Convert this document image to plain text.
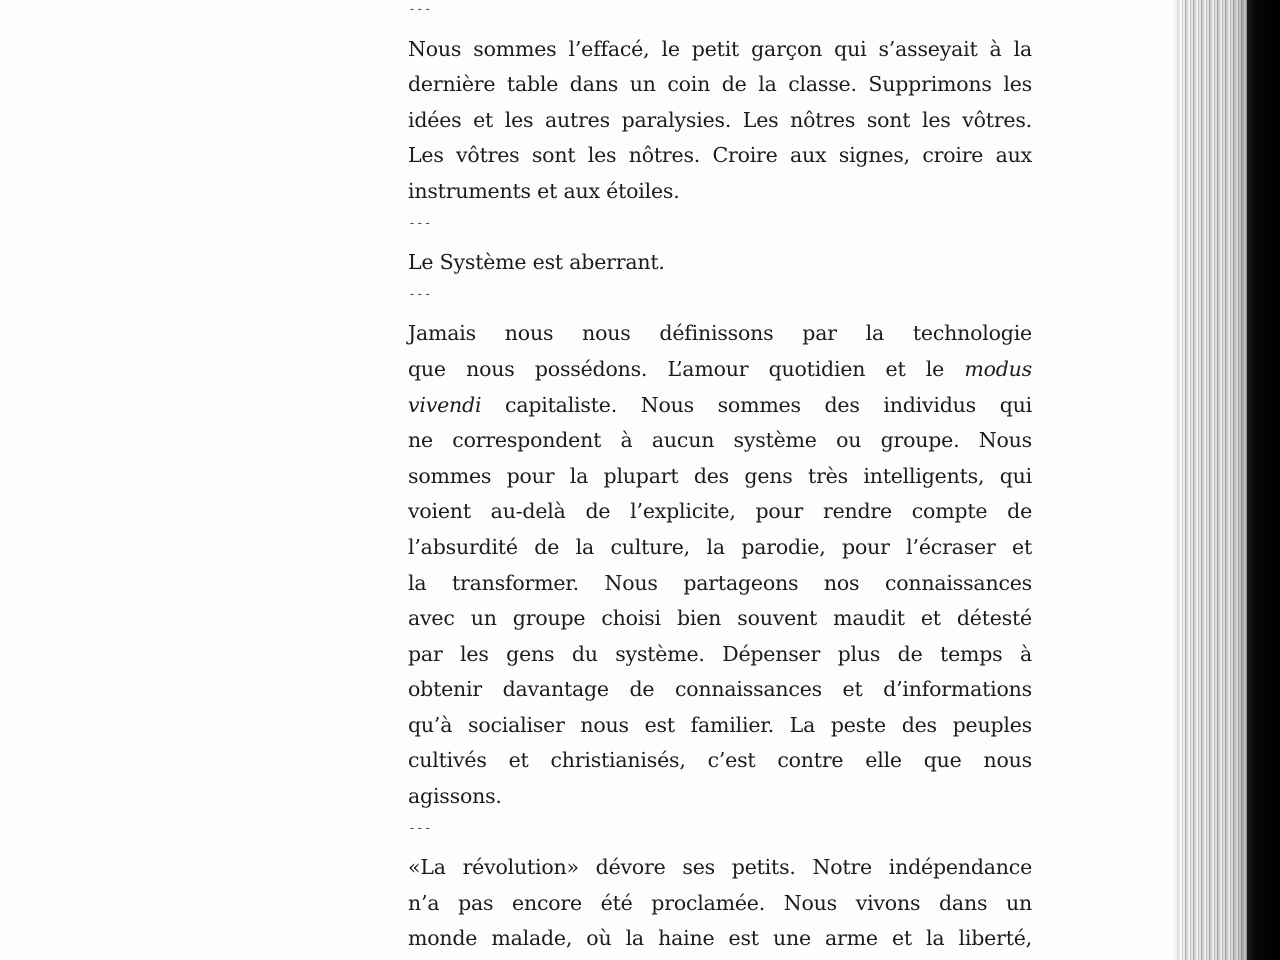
---
Nous sommes l’effacé, le petit garçon qui s’asseyait à la
dernière table dans un coin de la classe. Supprimons les
idées et les autres paralysies. Les nôtres sont les vôtres.
Les vôtres sont les nôtres. Croire aux signes, croire aux
instruments et aux étoiles.
---
Le Système est aberrant.
---
Jamais nous nous définissons par la technologie
que nous possédons. L’amour quotidien et le modus
vivendi capitaliste. Nous sommes des individus qui
ne correspondent à aucun système ou groupe. Nous
sommes pour la plupart des gens très intelligents, qui
voient au-delà de l’explicite, pour rendre compte de
l’absurdité de la culture, la parodie, pour l’écraser et
la transformer. Nous partageons nos connaissances
avec un groupe choisi bien souvent maudit et détesté
par les gens du système. Dépenser plus de temps à
obtenir davantage de connaissances et d’informations
qu’à socialiser nous est familier. La peste des peuples
cultivés et christianisés, c’est contre elle que nous
agissons.
---
«La révolution» dévore ses petits. Notre indépendance
n’a pas encore été proclamée. Nous vivons dans un
monde malade, où la haine est une arme et la liberté,
